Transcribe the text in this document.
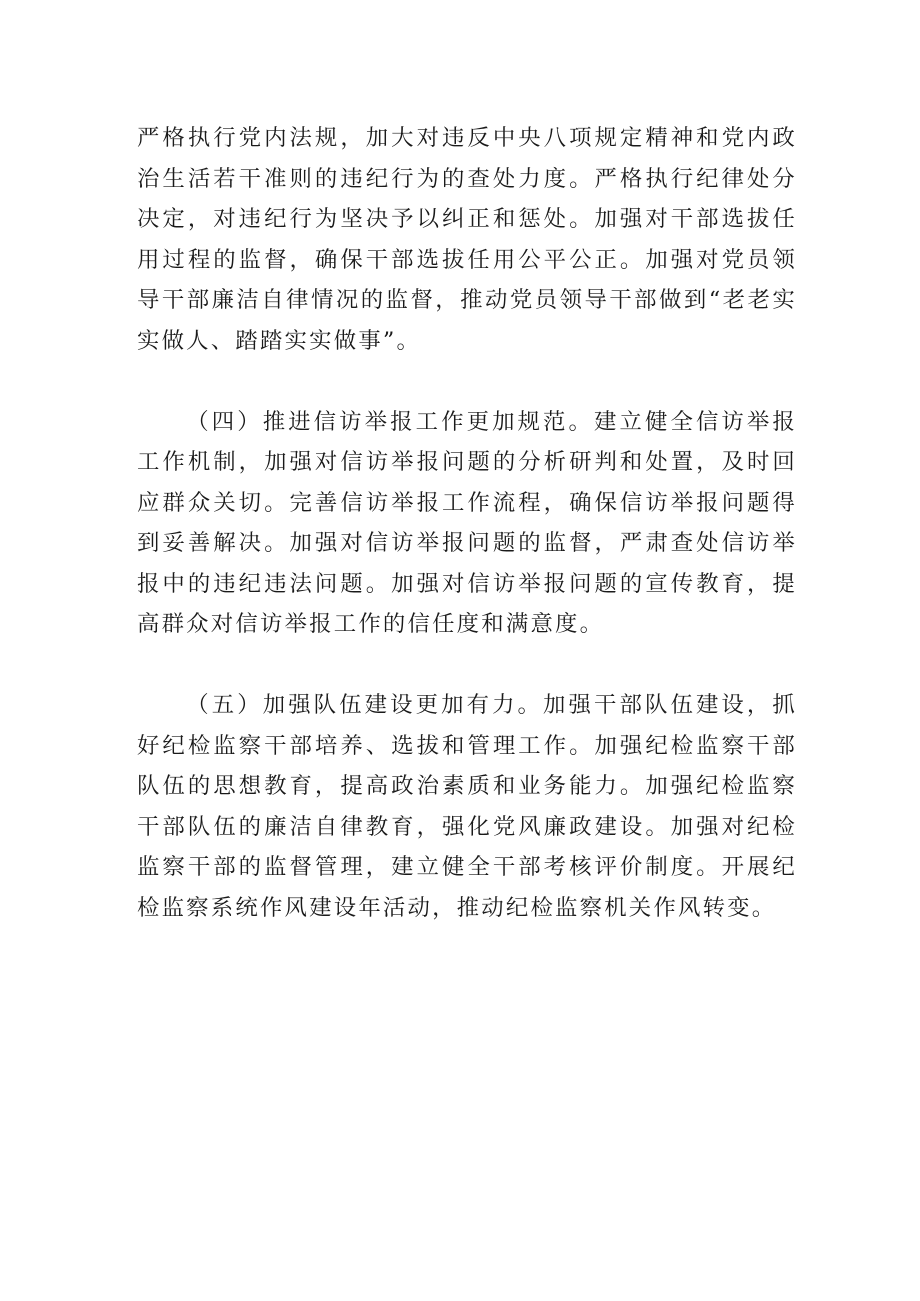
严格执行党内法规，加大对违反中央八项规定精神和党内政治生活若干准则的违纪行为的查处力度。严格执行纪律处分决定，对违纪行为坚决予以纠正和惩处。加强对干部选拔任用过程的监督，确保干部选拔任用公平公正。加强对党员领导干部廉洁自律情况的监督，推动党员领导干部做到“老老实实做人、踏踏实实做事”。

（四）推进信访举报工作更加规范。建立健全信访举报工作机制，加强对信访举报问题的分析研判和处置，及时回应群众关切。完善信访举报工作流程，确保信访举报问题得到妥善解决。加强对信访举报问题的监督，严肃查处信访举报中的违纪违法问题。加强对信访举报问题的宣传教育，提高群众对信访举报工作的信任度和满意度。

（五）加强队伍建设更加有力。加强干部队伍建设，抓好纪检监察干部培养、选拔和管理工作。加强纪检监察干部队伍的思想教育，提高政治素质和业务能力。加强纪检监察干部队伍的廉洁自律教育，强化党风廉政建设。加强对纪检监察干部的监督管理，建立健全干部考核评价制度。开展纪检监察系统作风建设年活动，推动纪检监察机关作风转变。
